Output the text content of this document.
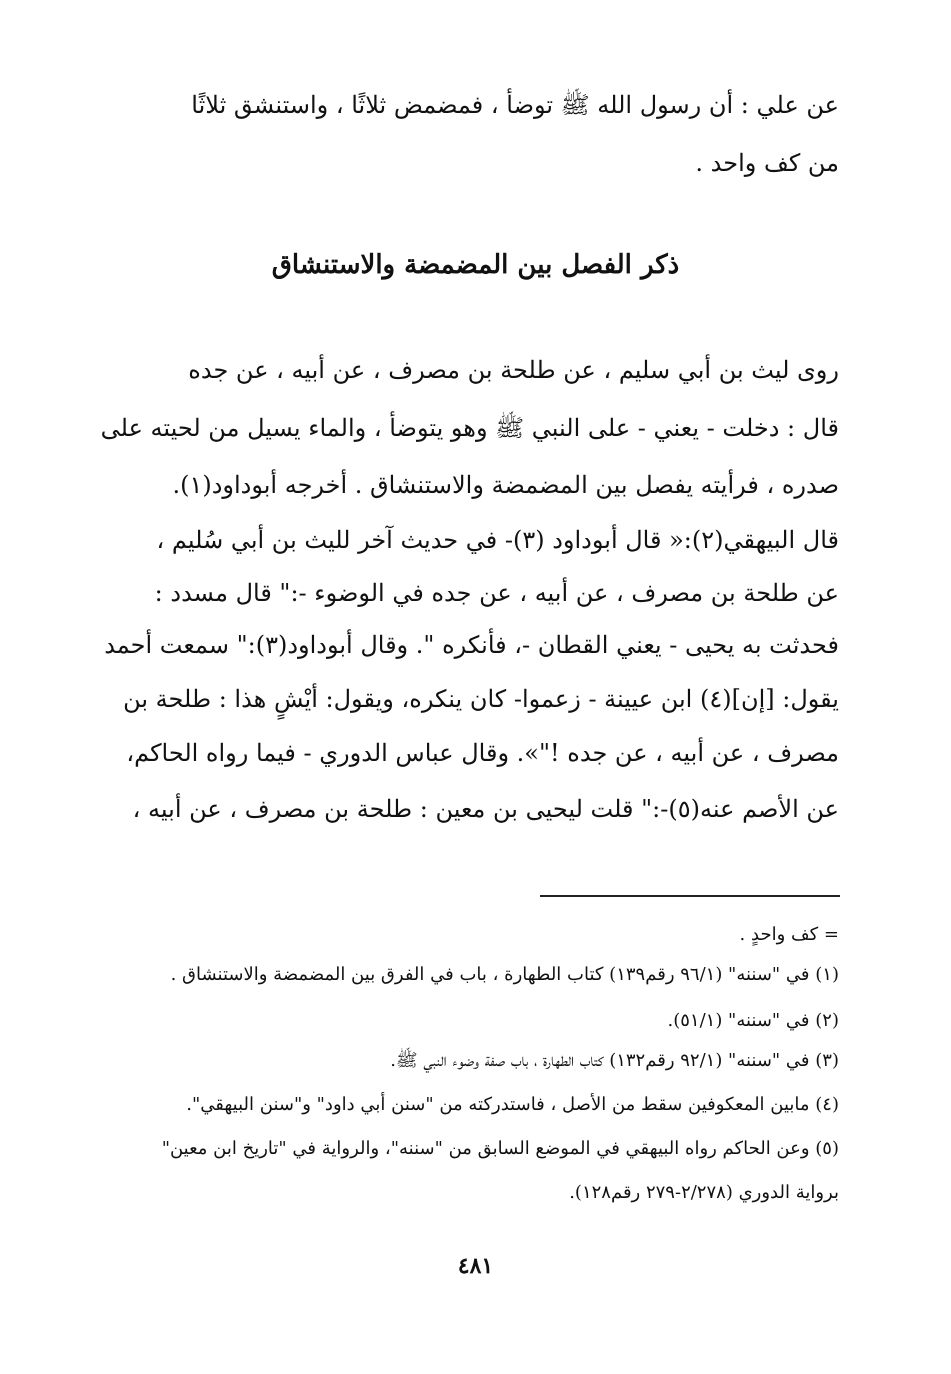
عن علي : أن رسول الله ﷺ توضأ ، فمضمض ثلاثًا ، واستنشق ثلاثًا
من كف واحد .
ذكر الفصل بين المضمضة والاستنشاق
روى ليث بن أبي سليم ، عن طلحة بن مصرف ، عن أبيه ، عن جده
قال : دخلت - يعني - على النبي ﷺ وهو يتوضأ ، والماء يسيل من لحيته على
صدره ، فرأيته يفصل بين المضمضة والاستنشاق . أخرجه أبوداود(١).
قال البيهقي(٢):« قال أبوداود (٣)- في حديث آخر لليث بن أبي سُليم ،
عن طلحة بن مصرف ، عن أبيه ، عن جده في الوضوء -:" قال مسدد :
فحدثت به يحيى - يعني القطان -، فأنكره ". وقال أبوداود(٣):" سمعت أحمد
يقول: [إن](٤) ابن عيينة - زعموا- كان ينكره، ويقول: أيْشٍ هذا : طلحة بن
مصرف ، عن أبيه ، عن جده !"». وقال عباس الدوري - فيما رواه الحاكم،
عن الأصم عنه(٥)-:" قلت ليحيى بن معين : طلحة بن مصرف ، عن أبيه ،
= كف واحدٍ .
(١) في "سننه" (٩٦/١ رقم١٣٩) كتاب الطهارة ، باب في الفرق بين المضمضة والاستنشاق .
(٢) في "سننه" (٥١/١).
(٣) في "سننه" (٩٢/١ رقم١٣٢) كتاب الطهارة ، باب صفة وضوء النبي ﷺ.
(٤) مابين المعكوفين سقط من الأصل ، فاستدركته من "سنن أبي داود" و"سنن البيهقي".
(٥) وعن الحاكم رواه البيهقي في الموضع السابق من "سننه"، والرواية في "تاريخ ابن معين"
برواية الدوري (٢/٢٧٨-٢٧٩ رقم١٢٨).
٤٨١
